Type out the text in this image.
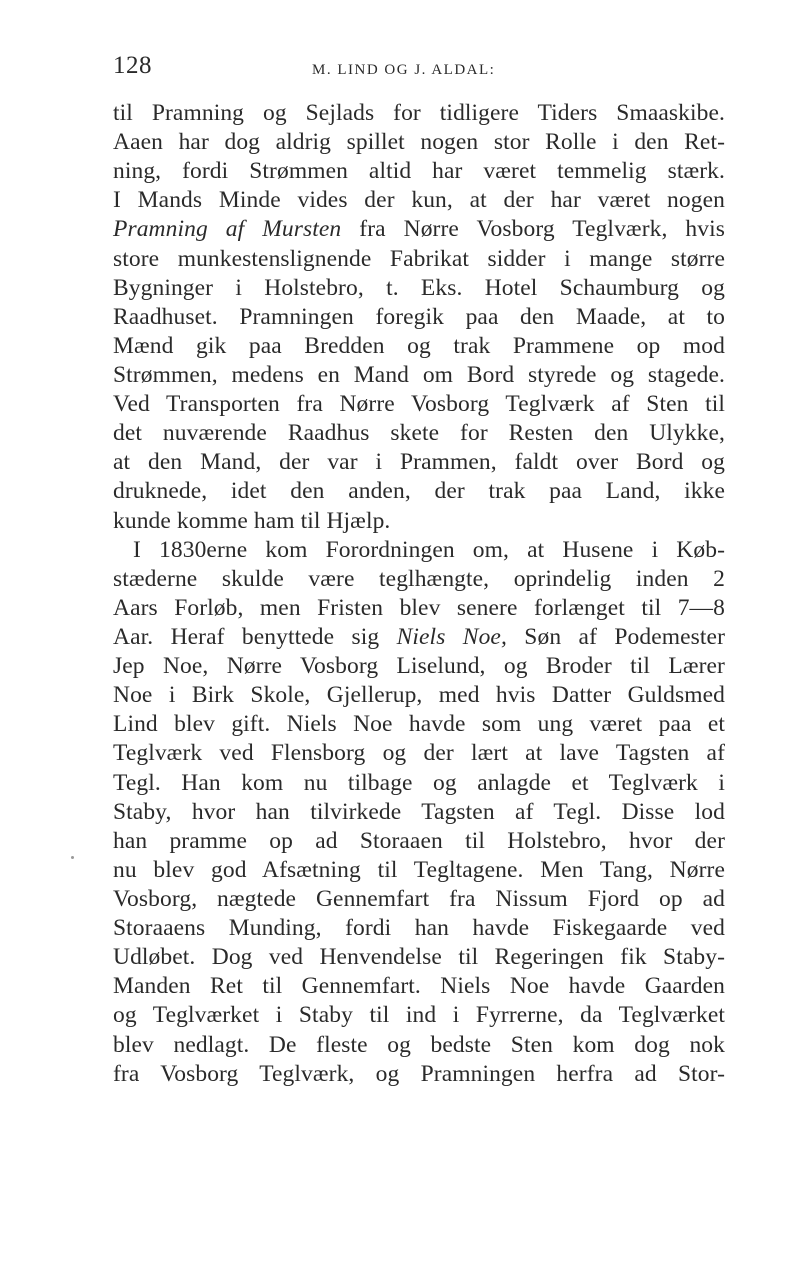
128	M. LIND OG J. ALDAL:
til Pramning og Sejlads for tidligere Tiders Smaaskibe.
Aaen har dog aldrig spillet nogen stor Rolle i den Ret-
ning, fordi Strømmen altid har været temmelig stærk.
I Mands Minde vides der kun, at der har været nogen
Pramning af Mursten fra Nørre Vosborg Teglværk, hvis
store munkestenslignende Fabrikat sidder i mange større
Bygninger i Holstebro, t. Eks. Hotel Schaumburg og
Raadhuset. Pramningen foregik paa den Maade, at to
Mænd gik paa Bredden og trak Prammene op mod
Strømmen, medens en Mand om Bord styrede og stagede.
Ved Transporten fra Nørre Vosborg Teglværk af Sten til
det nuværende Raadhus skete for Resten den Ulykke,
at den Mand, der var i Prammen, faldt over Bord og
druknede, idet den anden, der trak paa Land, ikke
kunde komme ham til Hjælp.
I 1830erne kom Forordningen om, at Husene i Køb-
stæderne skulde være teglhængte, oprindelig inden 2
Aars Forløb, men Fristen blev senere forlænget til 7—8
Aar. Heraf benyttede sig Niels Noe, Søn af Podemester
Jep Noe, Nørre Vosborg Liselund, og Broder til Lærer
Noe i Birk Skole, Gjellerup, med hvis Datter Guldsmed
Lind blev gift. Niels Noe havde som ung været paa et
Teglværk ved Flensborg og der lært at lave Tagsten af
Tegl. Han kom nu tilbage og anlagde et Teglværk i
Staby, hvor han tilvirkede Tagsten af Tegl. Disse lod
han pramme op ad Storaaen til Holstebro, hvor der
nu blev god Afsætning til Tegltagene. Men Tang, Nørre
Vosborg, nægtede Gennemfart fra Nissum Fjord op ad
Storaaens Munding, fordi han havde Fiskegaarde ved
Udløbet. Dog ved Henvendelse til Regeringen fik Staby-
Manden Ret til Gennemfart. Niels Noe havde Gaarden
og Teglværket i Staby til ind i Fyrrerne, da Teglværket
blev nedlagt. De fleste og bedste Sten kom dog nok
fra Vosborg Teglværk, og Pramningen herfra ad Stor-
